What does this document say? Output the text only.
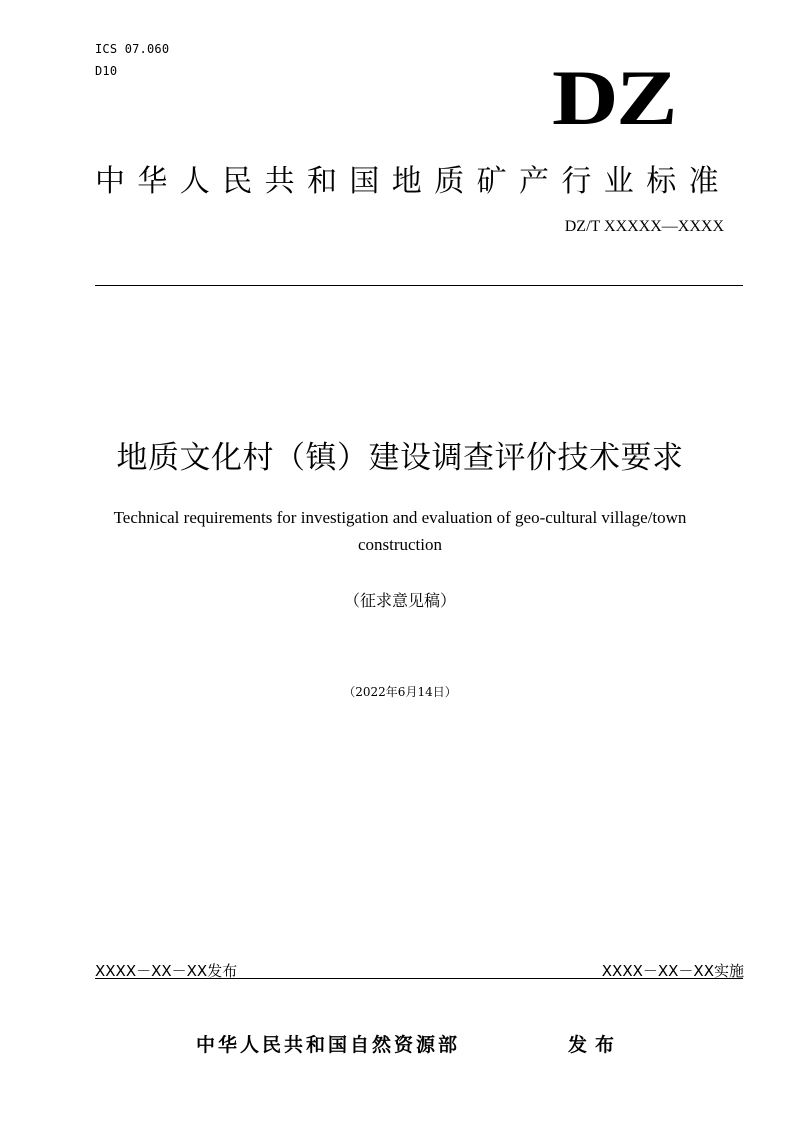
ICS 07.060
D10	DZ
中华人民共和国地质矿产行业标准
DZ/T XXXXX—XXXX
地质文化村（镇）建设调查评价技术要求
Technical requirements for investigation and evaluation of geo-cultural village/town construction
（征求意见稿）
（2022年6月14日）
XXXX－XX－XX发布	XXXX－XX－XX实施
中华人民共和国自然资源部	发布
